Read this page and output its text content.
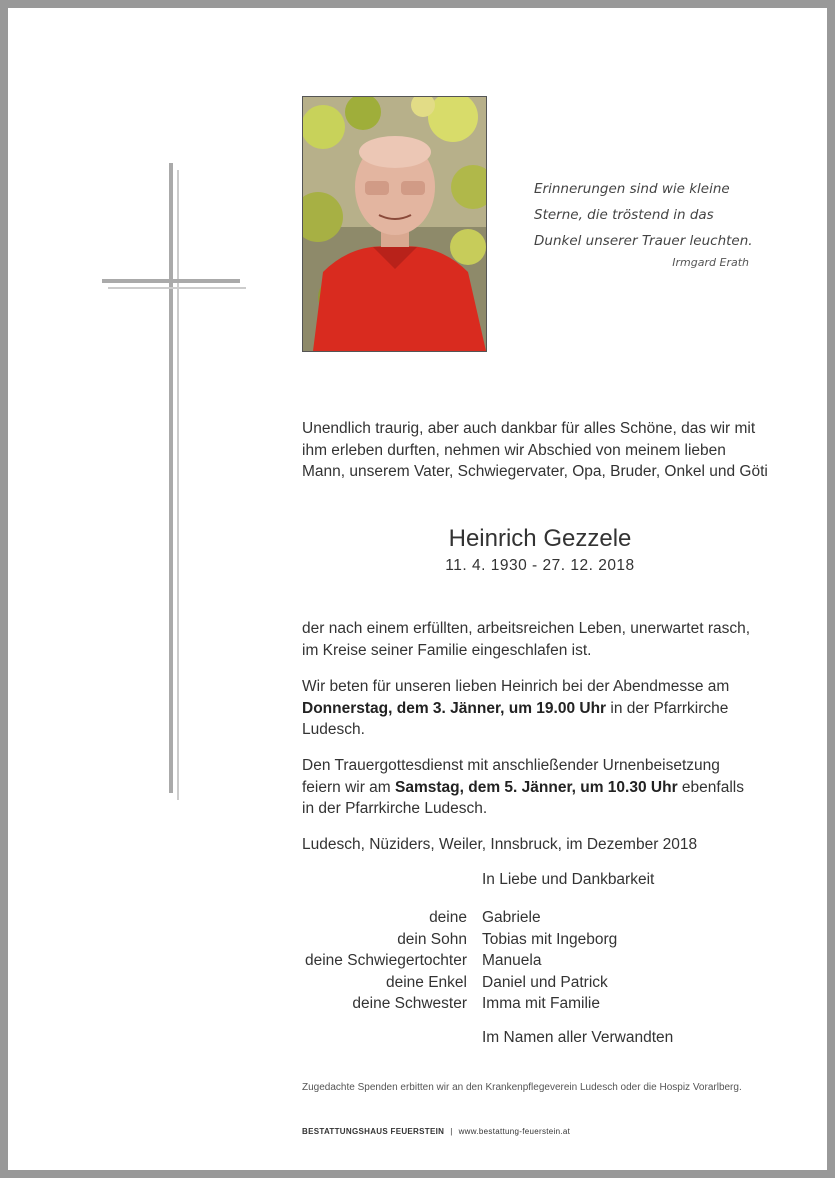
Erinnerungen sind wie kleine
Sterne, die tröstend in das
Dunkel unserer Trauer leuchten.
Irmgard Erath
Unendlich traurig, aber auch dankbar für alles Schöne, das wir mit
ihm erleben durften, nehmen wir Abschied von meinem lieben
Mann, unserem Vater, Schwiegervater, Opa, Bruder, Onkel und Göti
Heinrich Gezzele
11. 4. 1930 - 27. 12. 2018
der nach einem erfüllten, arbeitsreichen Leben, unerwartet rasch,
im Kreise seiner Familie eingeschlafen ist.
Wir beten für unseren lieben Heinrich bei der Abendmesse am
Donnerstag, dem 3. Jänner, um 19.00 Uhr in der Pfarrkirche
Ludesch.
Den Trauergottesdienst mit anschließender Urnenbeisetzung
feiern wir am Samstag, dem 5. Jänner, um 10.30 Uhr ebenfalls
in der Pfarrkirche Ludesch.
Ludesch, Nüziders, Weiler, Innsbruck, im Dezember 2018
In Liebe und Dankbarkeit
deine Gabriele
dein Sohn Tobias mit Ingeborg
deine Schwiegertochter Manuela
deine Enkel Daniel und Patrick
deine Schwester Imma mit Familie
Im Namen aller Verwandten
Zugedachte Spenden erbitten wir an den Krankenpflegeverein Ludesch oder die Hospiz Vorarlberg.
BESTATTUNGSHAUS FEUERSTEIN | www.bestattung-feuerstein.at
